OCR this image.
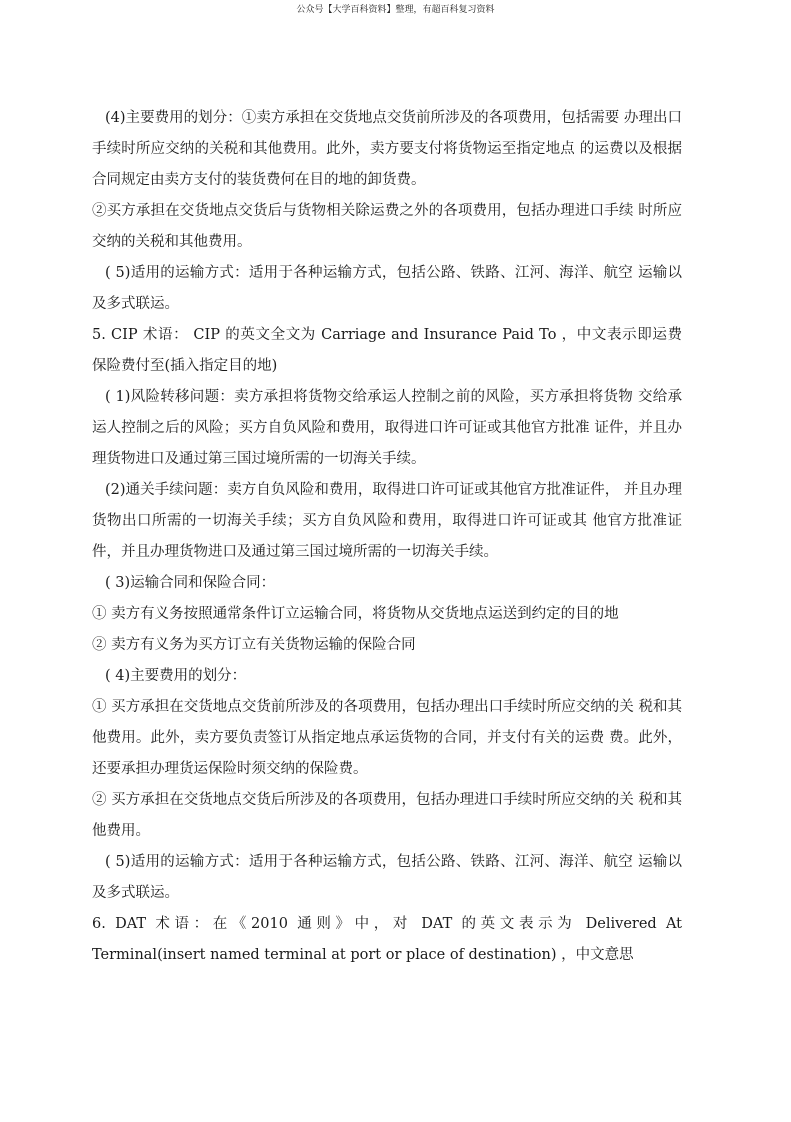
公众号【大学百科资料】整理，有超百科复习资料

(4)主要费用的划分：①卖方承担在交货地点交货前所涉及的各项费用，包括需要 办理出口手续时所应交纳的关税和其他费用。此外，卖方要支付将货物运至指定地点 的运费以及根据合同规定由卖方支付的装货费何在目的地的卸货费。

②买方承担在交货地点交货后与货物相关除运费之外的各项费用，包括办理进口手续 时所应交纳的关税和其他费用。

( 5)适用的运输方式：适用于各种运输方式，包括公路、铁路、江河、海洋、航空 运输以及多式联运。

5. CIP 术语： CIP 的英文全文为 Carriage and Insurance Paid To ，中文表示即运费 保险费付至(插入指定目的地)

( 1)风险转移问题：卖方承担将货物交给承运人控制之前的风险，买方承担将货物 交给承运人控制之后的风险；买方自负风险和费用，取得进口许可证或其他官方批准 证件，并且办理货物进口及通过第三国过境所需的一切海关手续。

(2)通关手续问题：卖方自负风险和费用，取得进口许可证或其他官方批准证件， 并且办理货物出口所需的一切海关手续；买方自负风险和费用，取得进口许可证或其 他官方批准证件，并且办理货物进口及通过第三国过境所需的一切海关手续。

( 3)运输合同和保险合同：

① 卖方有义务按照通常条件订立运输合同，将货物从交货地点运送到约定的目的地

② 卖方有义务为买方订立有关货物运输的保险合同

( 4)主要费用的划分：

① 买方承担在交货地点交货前所涉及的各项费用，包括办理出口手续时所应交纳的关 税和其他费用。此外，卖方要负责签订从指定地点承运货物的合同，并支付有关的运费 费。此外，还要承担办理货运保险时须交纳的保险费。

② 买方承担在交货地点交货后所涉及的各项费用，包括办理进口手续时所应交纳的关 税和其他费用。

( 5)适用的运输方式：适用于各种运输方式，包括公路、铁路、江河、海洋、航空 运输以及多式联运。

6. DAT 术语：在《2010 通则》中，对 DAT 的英文表示为 Delivered At Terminal(insert named terminal at port or place of destination) ，中文意思
